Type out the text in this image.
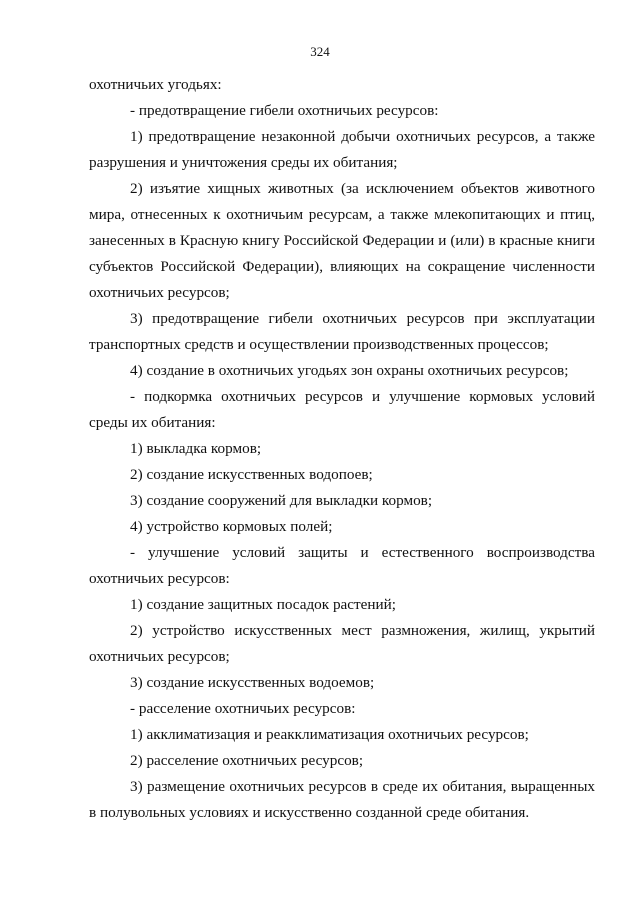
324
охотничьих угодьях:
- предотвращение гибели охотничьих ресурсов:
1) предотвращение незаконной добычи охотничьих ресурсов, а также
разрушения и уничтожения среды их обитания;
2) изъятие хищных животных (за исключением объектов животного
мира, отнесенных к охотничьим ресурсам, а также млекопитающих и птиц,
занесенных в Красную книгу Российской Федерации и (или) в красные книги
субъектов Российской Федерации), влияющих на сокращение численности
охотничьих ресурсов;
3) предотвращение гибели охотничьих ресурсов при эксплуатации
транспортных средств и осуществлении производственных процессов;
4) создание в охотничьих угодьях зон охраны охотничьих ресурсов;
- подкормка охотничьих ресурсов и улучшение кормовых условий
среды их обитания:
1) выкладка кормов;
2) создание искусственных водопоев;
3) создание сооружений для выкладки кормов;
4) устройство кормовых полей;
- улучшение условий защиты и естественного воспроизводства
охотничьих ресурсов:
1) создание защитных посадок растений;
2) устройство искусственных мест размножения, жилищ, укрытий
охотничьих ресурсов;
3) создание искусственных водоемов;
- расселение охотничьих ресурсов:
1) акклиматизация и реакклиматизация охотничьих ресурсов;
2) расселение охотничьих ресурсов;
3) размещение охотничьих ресурсов в среде их обитания, выращенных
в полувольных условиях и искусственно созданной среде обитания.
